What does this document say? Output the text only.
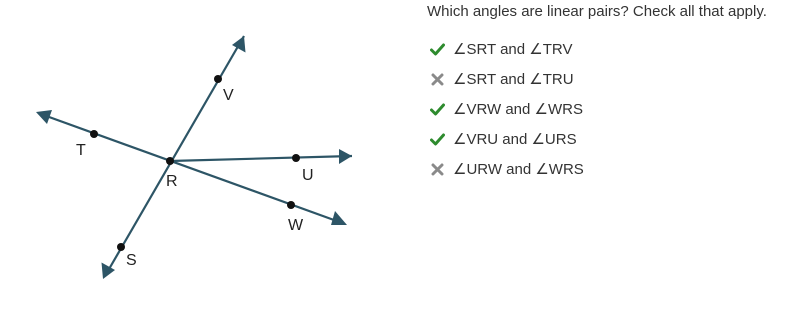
V
T
R	U
W
S
Which angles are linear pairs? Check all that apply.
∠SRT and ∠TRV
∠SRT and ∠TRU
∠VRW and ∠WRS
∠VRU and ∠URS
∠URW and ∠WRS
